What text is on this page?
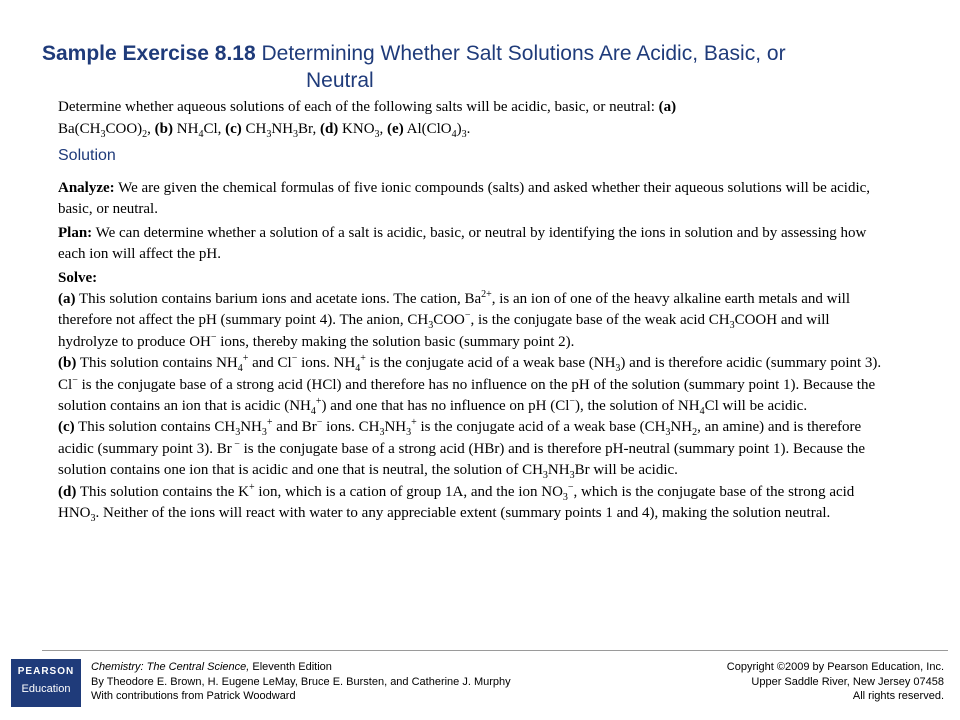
Sample Exercise 8.18 Determining Whether Salt Solutions Are Acidic, Basic, or
Neutral
Determine whether aqueous solutions of each of the following salts will be acidic, basic, or neutral: (a)
$Ba(CH_3COO)_2$, (b) $NH_4Cl$, (c) $CH_3NH_3Br$, (d) $KNO_3$, (e) $Al(ClO_4)_3$.
Solution

Analyze: We are given the chemical formulas of five ionic compounds (salts) and asked whether their aqueous solutions will be acidic, basic, or neutral.

Plan: We can determine whether a solution of a salt is acidic, basic, or neutral by identifying the ions in solution and by assessing how each ion will affect the pH.

Solve:

(a) This solution contains barium ions and acetate ions. The cation, $Ba^{2+}$, is an ion of one of the heavy alkaline earth metals and will therefore not affect the pH (summary point 4). The anion, $CH_3COO^-$, is the conjugate base of the weak acid $CH_3COOH$ and will hydrolyze to produce OH− ions, thereby making the solution basic (summary point 2).

(b) This solution contains $NH_4^+$ and Cl− ions. $NH_4^+$ is the conjugate acid of a weak base $(NH_3)$ and is therefore acidic (summary point 3). Cl− is the conjugate base of a strong acid (HCl) and therefore has no influence on the pH of the solution (summary point 1). Because the solution contains an ion that is acidic $(NH_4^+)$ and one that has no influence on pH (Cl−), the solution of $NH_4Cl$ will be acidic.

(c) This solution contains $CH_3NH_3^+$ and Br− ions. $CH_3NH_3^+$ is the conjugate acid of a weak base ($CH_3NH_2$, an amine) and is therefore acidic (summary point 3). Br − is the conjugate base of a strong acid (HBr) and is therefore pH-neutral (summary point 1). Because the solution contains one ion that is acidic and one that is neutral, the solution of $CH_3NH_3Br$ will be acidic.

(d) This solution contains the K+ ion, which is a cation of group 1A, and the ion $NO_3^-$, which is the conjugate base of the strong acid $HNO_3$. Neither of the ions will react with water to any appreciable extent (summary points 1 and 4), making the solution neutral.

PEARSON
Education
Chemistry: The Central Science, Eleventh Edition
By Theodore E. Brown, H. Eugene LeMay, Bruce E. Bursten, and Catherine J. Murphy
With contributions from Patrick Woodward
Copyright ©2009 by Pearson Education, Inc.
Upper Saddle River, New Jersey 07458
All rights reserved.
